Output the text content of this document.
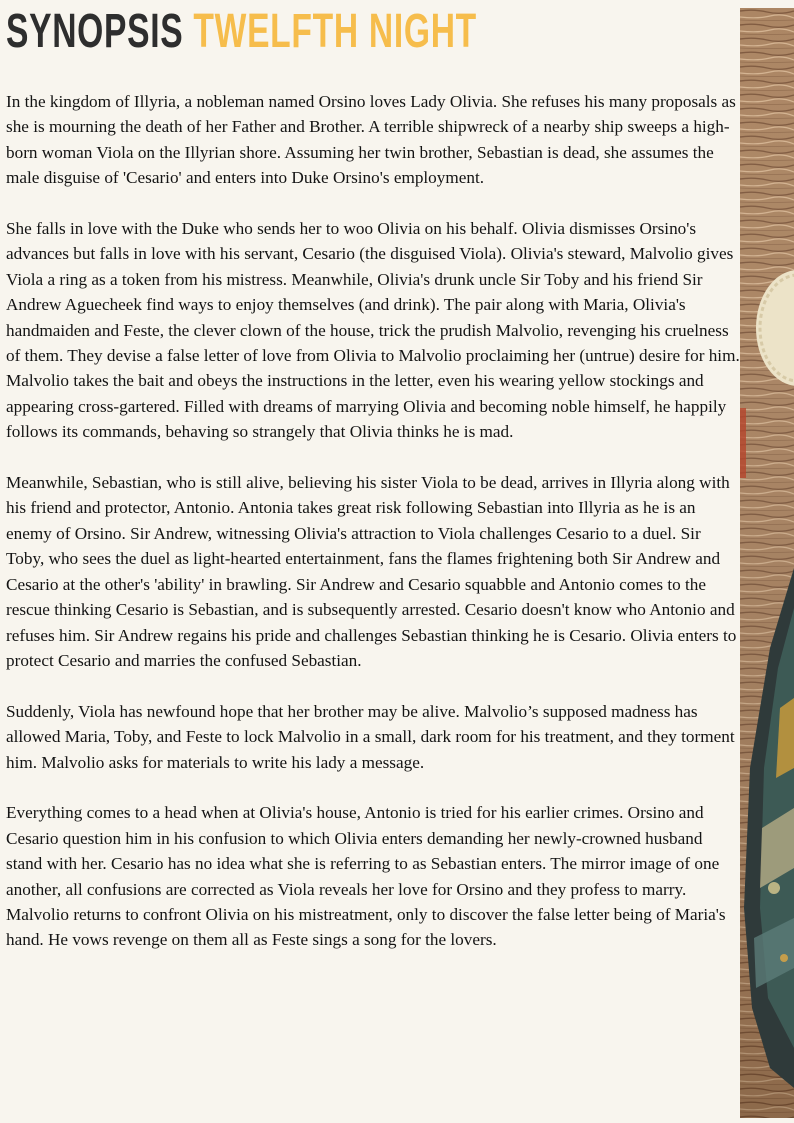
SYNOPSIS TWELFTH NIGHT

In the kingdom of Illyria, a nobleman named Orsino loves Lady Olivia. She refuses his many proposals as she is mourning the death of her Father and Brother. A terrible shipwreck of a nearby ship sweeps a high-born woman Viola on the Illyrian shore. Assuming her twin brother, Sebastian is dead, she assumes the male disguise of 'Cesario' and enters into Duke Orsino's employment.

She falls in love with the Duke who sends her to woo Olivia on his behalf. Olivia dismisses Orsino's advances but falls in love with his servant, Cesario (the disguised Viola). Olivia's steward, Malvolio gives Viola a ring as a token from his mistress. Meanwhile, Olivia's drunk uncle Sir Toby and his friend Sir Andrew Aguecheek find ways to enjoy themselves (and drink). The pair along with Maria, Olivia's handmaiden and Feste, the clever clown of the house, trick the prudish Malvolio, revenging his cruelness of them. They devise a false letter of love from Olivia to Malvolio proclaiming her (untrue) desire for him. Malvolio takes the bait and obeys the instructions in the letter, even his wearing yellow stockings and appearing cross-gartered. Filled with dreams of marrying Olivia and becoming noble himself, he happily follows its commands, behaving so strangely that Olivia thinks he is mad.

Meanwhile, Sebastian, who is still alive, believing his sister Viola to be dead, arrives in Illyria along with his friend and protector, Antonio. Antonia takes great risk following Sebastian into Illyria as he is an enemy of Orsino. Sir Andrew, witnessing Olivia's attraction to Viola challenges Cesario to a duel. Sir Toby, who sees the duel as light-hearted entertainment, fans the flames frightening both Sir Andrew and Cesario at the other's 'ability' in brawling. Sir Andrew and Cesario squabble and Antonio comes to the rescue thinking Cesario is Sebastian, and is subsequently arrested. Cesario doesn't know who Antonio and refuses him. Sir Andrew regains his pride and challenges Sebastian thinking he is Cesario. Olivia enters to protect Cesario and marries the confused Sebastian.

Suddenly, Viola has newfound hope that her brother may be alive. Malvolio’s supposed madness has allowed Maria, Toby, and Feste to lock Malvolio in a small, dark room for his treatment, and they torment him. Malvolio asks for materials to write his lady a message.

Everything comes to a head when at Olivia's house, Antonio is tried for his earlier crimes. Orsino and Cesario question him in his confusion to which Olivia enters demanding her newly-crowned husband stand with her. Cesario has no idea what she is referring to as Sebastian enters. The mirror image of one another, all confusions are corrected as Viola reveals her love for Orsino and they profess to marry. Malvolio returns to confront Olivia on his mistreatment, only to discover the false letter being of Maria's hand. He vows revenge on them all as Feste sings a song for the lovers.
